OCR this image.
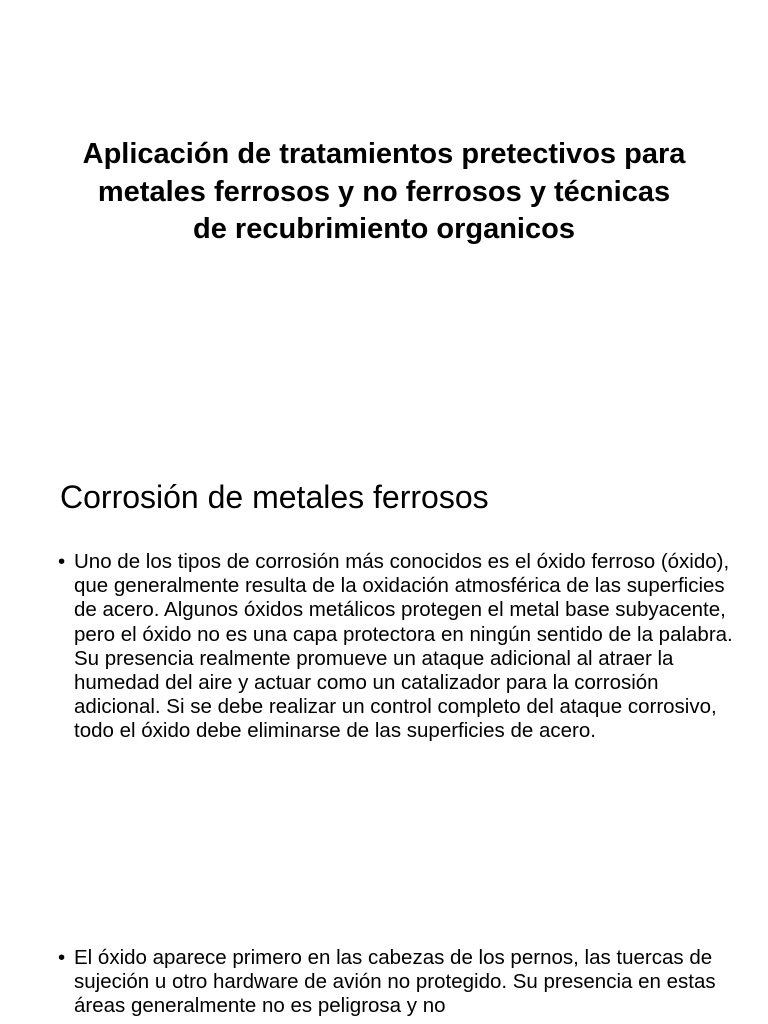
Aplicación de tratamientos pretectivos para metales ferrosos y no ferrosos y técnicas de recubrimiento organicos
Corrosión de metales ferrosos
• Uno de los tipos de corrosión más conocidos es el óxido ferroso (óxido), que generalmente resulta de la oxidación atmosférica de las superficies de acero. Algunos óxidos metálicos protegen el metal base subyacente, pero el óxido no es una capa protectora en ningún sentido de la palabra. Su presencia realmente promueve un ataque adicional al atraer la humedad del aire y actuar como un catalizador para la corrosión adicional. Si se debe realizar un control completo del ataque corrosivo, todo el óxido debe eliminarse de las superficies de acero.
• El óxido aparece primero en las cabezas de los pernos, las tuercas de sujeción u otro hardware de avión no protegido. Su presencia en estas áreas generalmente no es peligrosa y no
